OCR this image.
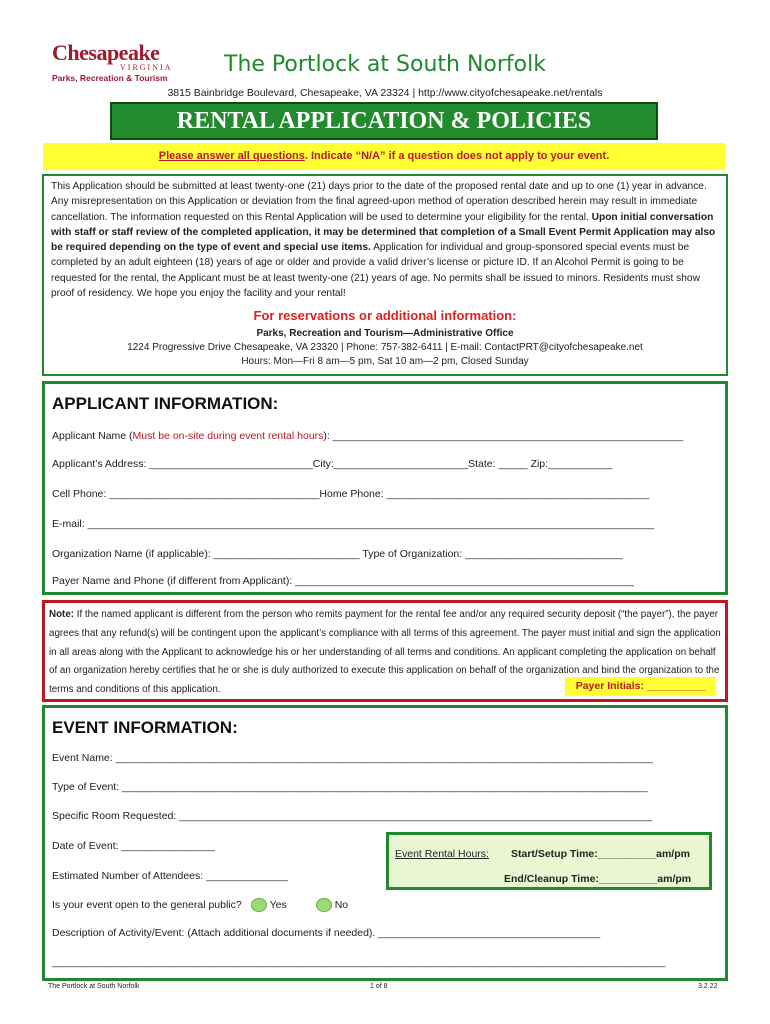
Chesapeake
VIRGINIA
Parks, Recreation & Tourism
The Portlock at South Norfolk
3815 Bainbridge Boulevard, Chesapeake, VA 23324 | http://www.cityofchesapeake.net/rentals
RENTAL APPLICATION & POLICIES
Please answer all questions. Indicate “N/A” if a question does not apply to your event.
This Application should be submitted at least twenty-one (21) days prior to the date of the proposed rental date and up to one (1) year in advance. Any misrepresentation on this Application or deviation from the final agreed-upon method of operation described herein may result in immediate cancellation. The information requested on this Rental Application will be used to determine your eligibility for the rental. Upon initial conversation with staff or staff review of the completed application, it may be determined that completion of a Small Event Permit Application may also be required depending on the type of event and special use items. Application for individual and group-sponsored special events must be completed by an adult eighteen (18) years of age or older and provide a valid driver’s license or picture ID. If an Alcohol Permit is going to be requested for the rental, the Applicant must be at least twenty-one (21) years of age. No permits shall be issued to minors. Residents must show proof of residency. We hope you enjoy the facility and your rental!
For reservations or additional information:
Parks, Recreation and Tourism—Administrative Office
1224 Progressive Drive Chesapeake, VA 23320 | Phone: 757-382-6411 | E-mail: ContactPRT@cityofchesapeake.net
Hours: Mon—Fri 8 am—5 pm, Sat 10 am—2 pm, Closed Sunday
APPLICANT INFORMATION:
Applicant Name (Must be on-site during event rental hours): ____________________________________________________________
Applicant’s Address: ____________________________City:_______________________State: _____ Zip:___________
Cell Phone: ____________________________________Home Phone: _____________________________________________
E-mail: _________________________________________________________________________________________________
Organization Name (if applicable): _________________________ Type of Organization: ___________________________
Payer Name and Phone (if different from Applicant): __________________________________________________________
Note: If the named applicant is different from the person who remits payment for the rental fee and/or any required security deposit (“the payer”), the payer agrees that any refund(s) will be contingent upon the applicant’s compliance with all terms of this agreement. The payer must initial and sign the application in all areas along with the Applicant to acknowledge his or her understanding of all terms and conditions. An applicant completing the application on behalf of an organization hereby certifies that he or she is duly authorized to execute this application on behalf of the organization and bind the organization to the terms and conditions of this application.	Payer Initials: __________
EVENT INFORMATION:
Event Name: ____________________________________________________________________________________________
Type of Event: __________________________________________________________________________________________
Specific Room Requested: _________________________________________________________________________________
Date of Event: ________________
Estimated Number of Attendees: ______________
Is your event open to the general public?	Yes	No
Event Rental Hours: Start/Setup Time:__________am/pm
End/Cleanup Time:__________am/pm
Description of Activity/Event: (Attach additional documents if needed). ______________________________________
_________________________________________________________________________________________________________
The Portlock at South Norfolk	1 of 8	3.2.22
